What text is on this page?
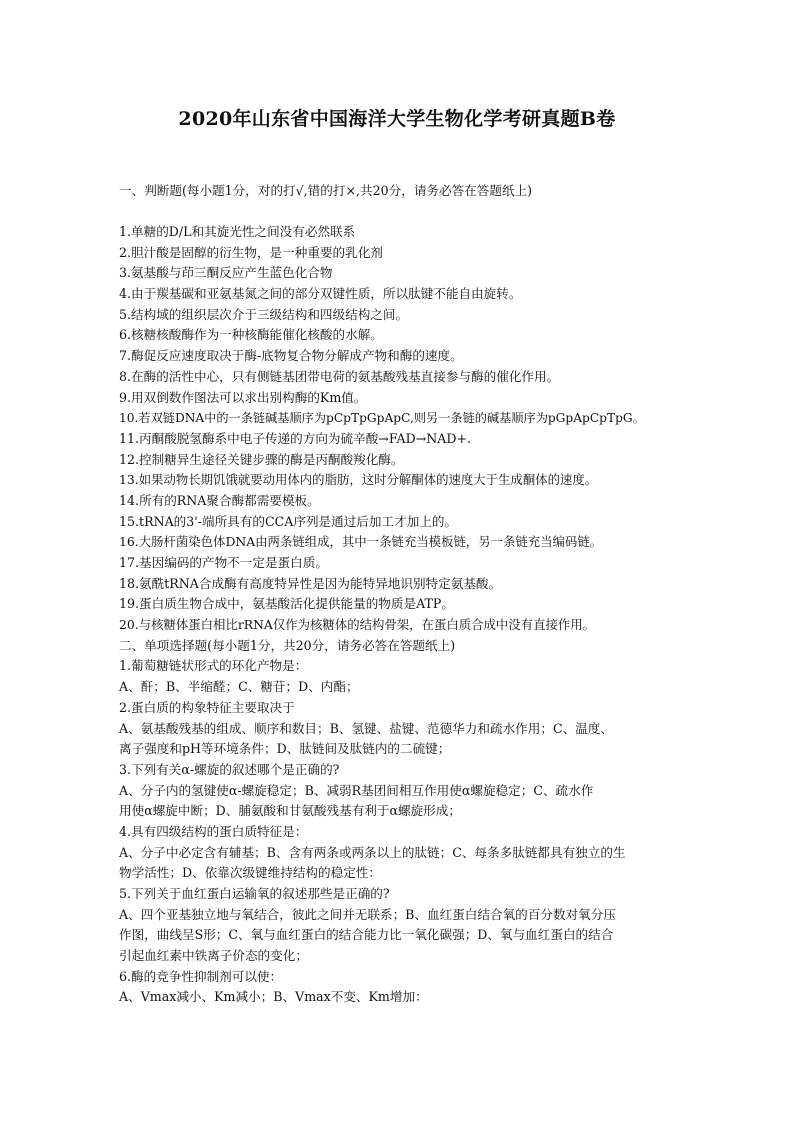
2020年山东省中国海洋大学生物化学考研真题B卷
一、判断题(每小题1分，对的打√,错的打×,共20分，请务必答在答题纸上)
1.单糖的D/L和其旋光性之间没有必然联系
2.胆汁酸是固醇的衍生物，是一种重要的乳化剂
3.氨基酸与茚三酮反应产生蓝色化合物
4.由于羰基碳和亚氨基氮之间的部分双键性质，所以肽键不能自由旋转。
5.结构域的组织层次介于三级结构和四级结构之间。
6.核糖核酸酶作为一种核酶能催化核酸的水解。
7.酶促反应速度取决于酶-底物复合物分解成产物和酶的速度。
8.在酶的活性中心，只有侧链基团带电荷的氨基酸残基直接参与酶的催化作用。
9.用双倒数作图法可以求出别构酶的Km值。
10.若双链DNA中的一条链碱基顺序为pCpTpGpApC,则另一条链的碱基顺序为pGpApCpTpG。
11.丙酮酸脱氢酶系中电子传递的方向为硫辛酸→FAD→NAD+.
12.控制糖异生途径关键步骤的酶是丙酮酸羧化酶。
13.如果动物长期饥饿就要动用体内的脂肪，这时分解酮体的速度大于生成酮体的速度。
14.所有的RNA聚合酶都需要模板。
15.tRNA的3'-端所具有的CCA序列是通过后加工才加上的。
16.大肠杆菌染色体DNA由两条链组成，其中一条链充当模板链，另一条链充当编码链。
17.基因编码的产物不一定是蛋白质。
18.氨酰tRNA合成酶有高度特异性是因为能特异地识别特定氨基酸。
19.蛋白质生物合成中，氨基酸活化提供能量的物质是ATP。
20.与核糖体蛋白相比rRNA仅作为核糖体的结构骨架，在蛋白质合成中没有直接作用。
二、单项选择题(每小题1分，共20分，请务必答在答题纸上)
1.葡萄糖链状形式的环化产物是：
A、酐；B、半缩醛；C、糖苷；D、内酯；
2.蛋白质的构象特征主要取决于
A、氨基酸残基的组成、顺序和数目；B、氢键、盐键、范德华力和疏水作用；C、温度、
离子强度和pH等环境条件；D、肽链间及肽链内的二硫键；
3.下列有关α-螺旋的叙述哪个是正确的?
A、分子内的氢键使α-螺旋稳定；B、减弱R基团间相互作用使α螺旋稳定；C、疏水作
用使α螺旋中断；D、脯氨酸和甘氨酸残基有利于α螺旋形成；
4.具有四级结构的蛋白质特征是：
A、分子中必定含有辅基；B、含有两条或两条以上的肽链；C、每条多肽链都具有独立的生
物学活性；D、依靠次级键维持结构的稳定性：
5.下列关于血红蛋白运输氧的叙述那些是正确的?
A、四个亚基独立地与氧结合，彼此之间并无联系；B、血红蛋白结合氧的百分数对氧分压
作图，曲线呈S形；C、氧与血红蛋白的结合能力比一氧化碳强；D、氧与血红蛋白的结合
引起血红素中铁离子价态的变化；
6.酶的竞争性抑制剂可以使：
A、Vmax减小、Km减小；B、Vmax不变、Km增加：
